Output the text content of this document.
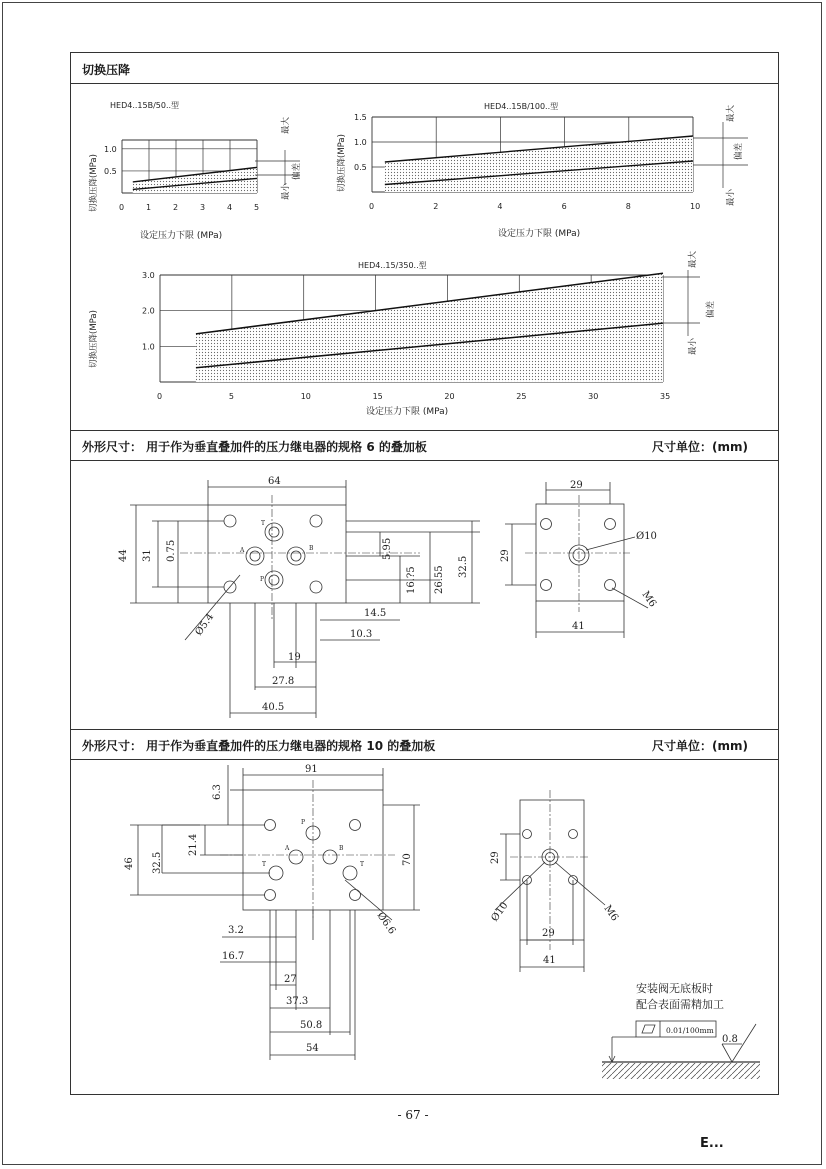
切换压降
外形尺寸： 用于作为垂直叠加件的压力继电器的规格 6 的叠加板	尺寸单位：(mm)
外形尺寸： 用于作为垂直叠加件的压力继电器的规格 10 的叠加板	尺寸单位：(mm)
HED4..15B/50..型
0	1	2	3	4	5
1.0
0.5
设定压力下限 (MPa)
切换压降(MPa)
最大
偏差
最小
HED4..15B/100..型
0	2	4	6	8	10
1.5
1.0
0.5
设定压力下限 (MPa)
切换压降(MPa)
最大
偏差
最小
HED4..15/350..型
0	5	10	15	20	25	30	35
3.0
2.0
1.0
设定压力下限 (MPa)
切换压降(MPa)
最大
偏差
最小
64
44 31 0.75	5.95
16.?5 26.55 32.5
14.5
10.3
19
27.8
40.5
Ø5.4
T
A	B
P
29
29
41
Ø10
M6
6.3
91
21.4
32.5
46	70
3.2
16.7
27
37.3
50.8
54
Ø6.6
P
A	B
T	T
29
29
41
Ø10	M6
安装阀无底板时
配合表面需精加工
0.01/100mm
0.8
- 67 -
E...
